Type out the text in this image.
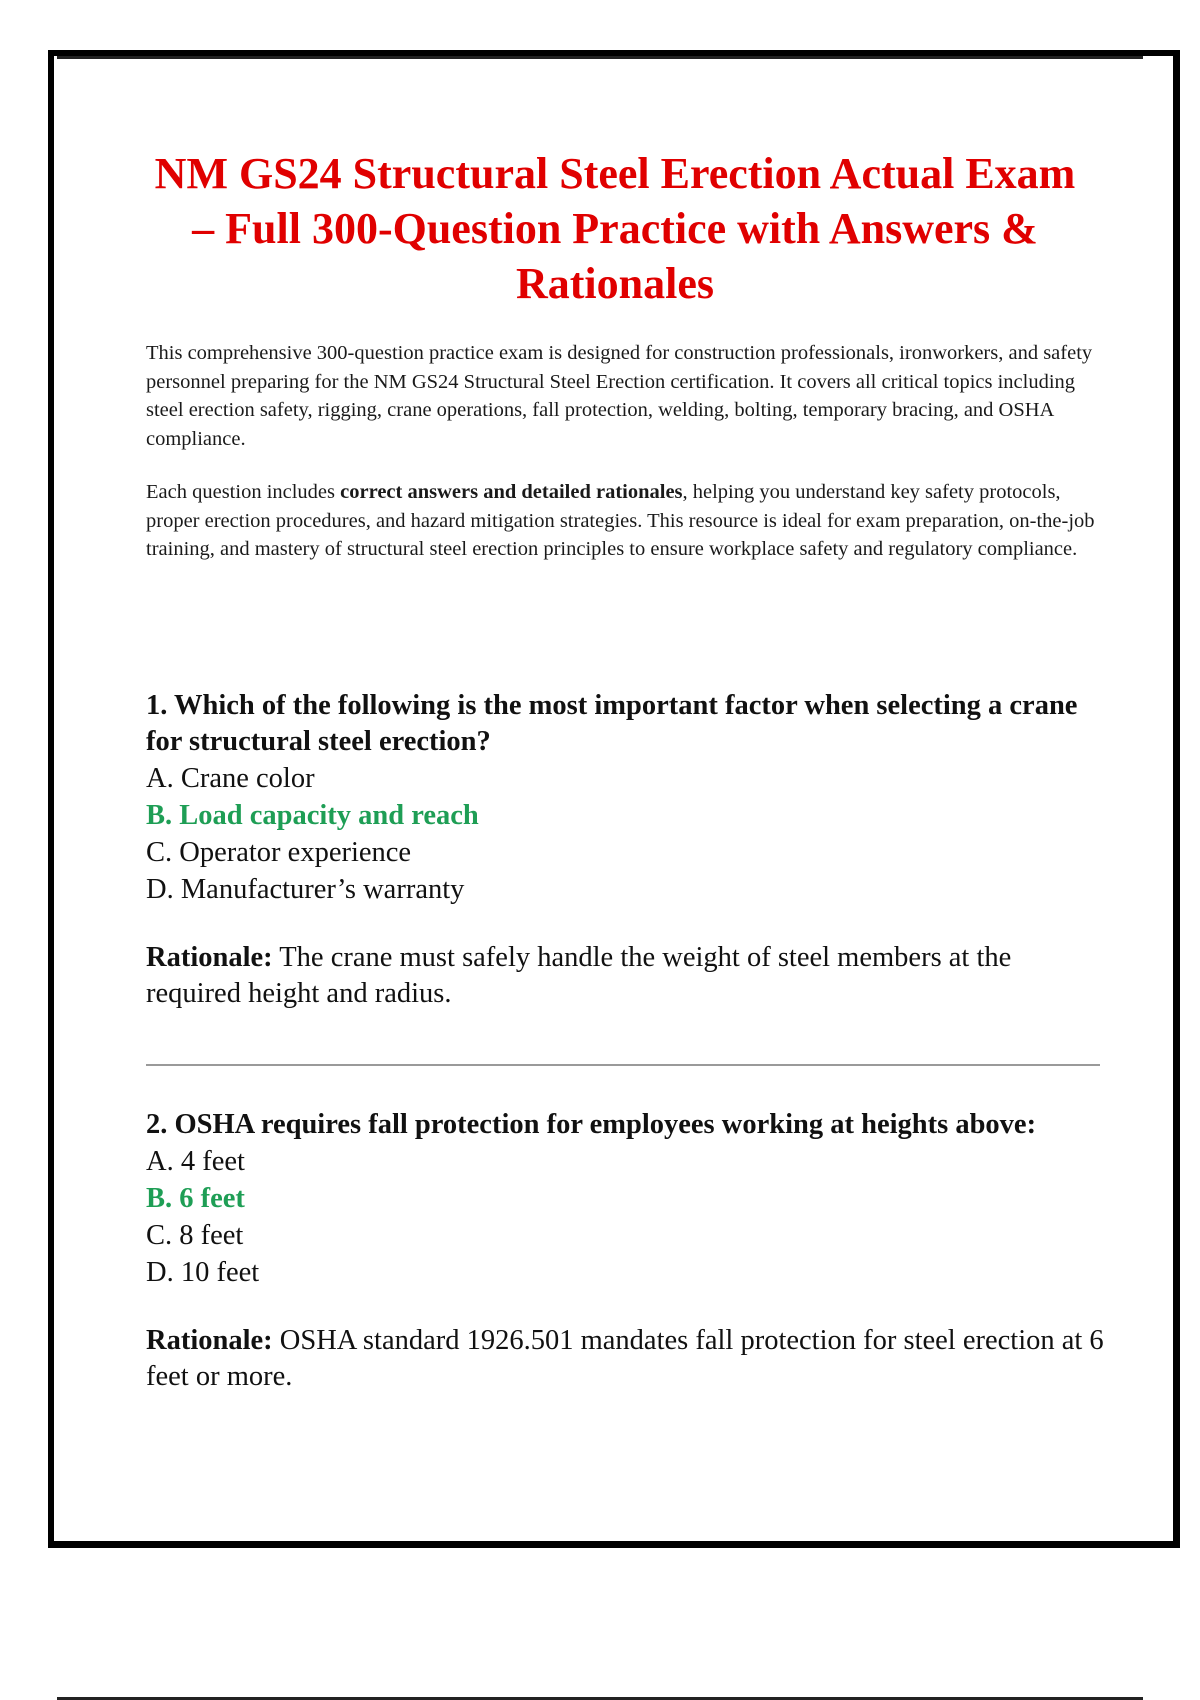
NM GS24 Structural Steel Erection Actual Exam – Full 300-Question Practice with Answers & Rationales

This comprehensive 300-question practice exam is designed for construction professionals, ironworkers, and safety personnel preparing for the NM GS24 Structural Steel Erection certification. It covers all critical topics including steel erection safety, rigging, crane operations, fall protection, welding, bolting, temporary bracing, and OSHA compliance.

Each question includes correct answers and detailed rationales, helping you understand key safety protocols, proper erection procedures, and hazard mitigation strategies. This resource is ideal for exam preparation, on-the-job training, and mastery of structural steel erection principles to ensure workplace safety and regulatory compliance.

1. Which of the following is the most important factor when selecting a crane for structural steel erection?

A. Crane color
B. Load capacity and reach
C. Operator experience
D. Manufacturer’s warranty

Rationale: The crane must safely handle the weight of steel members at the required height and radius.

2. OSHA requires fall protection for employees working at heights above:

A. 4 feet
B. 6 feet
C. 8 feet
D. 10 feet

Rationale: OSHA standard 1926.501 mandates fall protection for steel erection at 6 feet or more.
